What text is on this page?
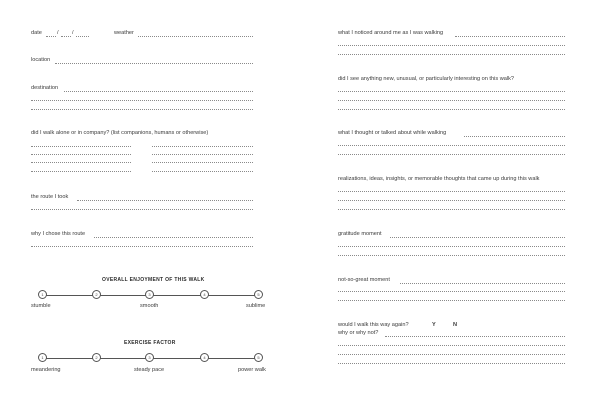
date	/ /	weather
location
destination
did I walk alone or in company? (list companions, humans or otherwise)
the route I took
why I chose this route
OVERALL ENJOYMENT OF THIS WALK
1	2	3	4	5
stumble	smooth	sublime
EXERCISE FACTOR
1	2	3	4	5
meandering	steady pace	power walk
what I noticed around me as I was walking
did I see anything new, unusual, or particularly interesting on this walk?
what I thought or talked about while walking
realizations, ideas, insights, or memorable thoughts that came up during this walk
gratitude moment
not-so-great moment
would I walk this way again?	Y	N
why or why not?
